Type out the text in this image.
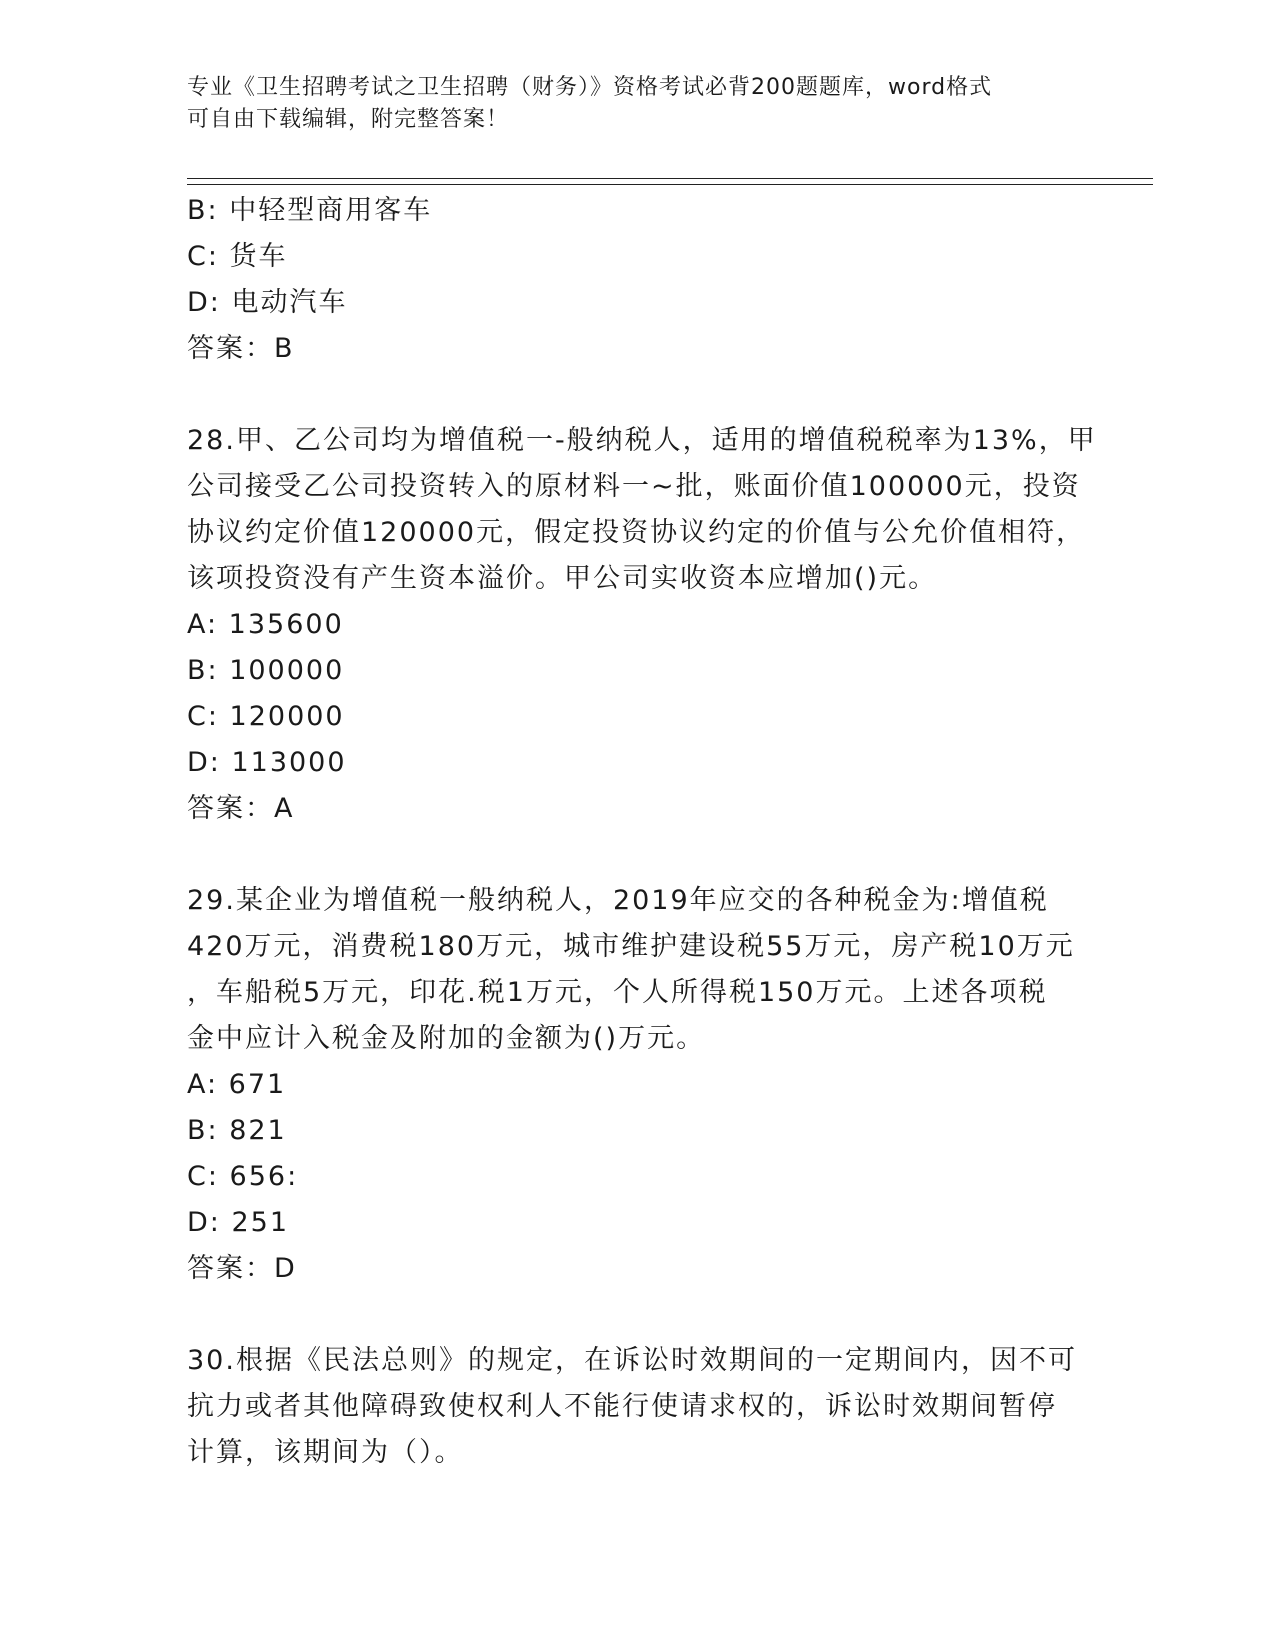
专业《卫生招聘考试之卫生招聘（财务）》资格考试必背200题题库，word格式
可自由下载编辑，附完整答案！
B: 中轻型商用客车
C: 货车
D: 电动汽车
答案：B
28.甲、乙公司均为增值税一-般纳税人，适用的增值税税率为13%，甲
公司接受乙公司投资转入的原材料一~批，账面价值100000元，投资
协议约定价值120000元，假定投资协议约定的价值与公允价值相符，
该项投资没有产生资本溢价。甲公司实收资本应增加()元。
A: 135600
B: 100000
C: 120000
D: 113000
答案：A
29.某企业为增值税一般纳税人，2019年应交的各种税金为:增值税
420万元，消费税180万元，城市维护建设税55万元，房产税10万元
，车船税5万元，印花.税1万元，个人所得税150万元。上述各项税
金中应计入税金及附加的金额为()万元。
A: 671
B: 821
C: 656:
D: 251
答案：D
30.根据《民法总则》的规定，在诉讼时效期间的一定期间内，因不可
抗力或者其他障碍致使权利人不能行使请求权的，诉讼时效期间暂停
计算，该期间为（）。
